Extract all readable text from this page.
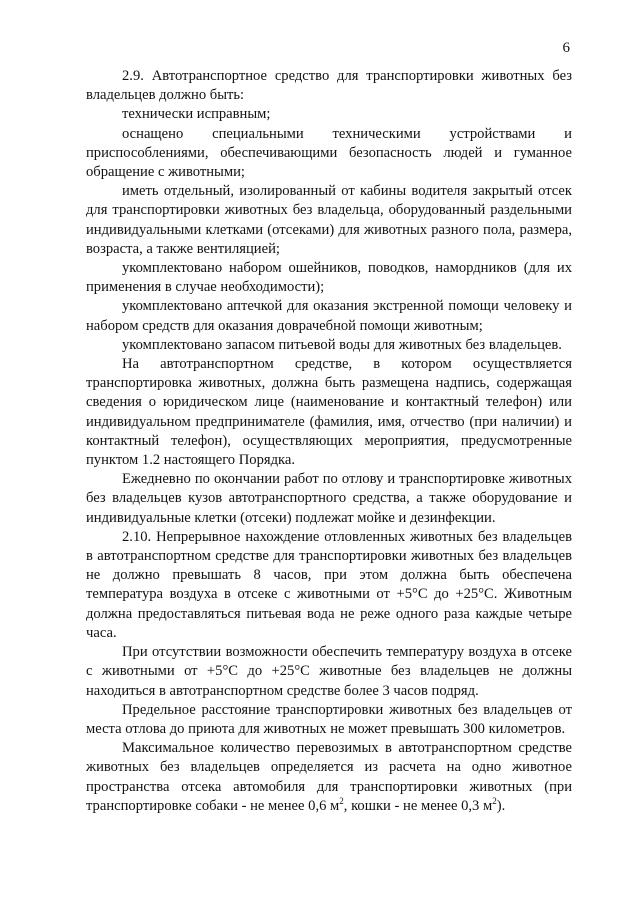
6

2.9. Автотранспортное средство для транспортировки животных без владельцев должно быть:

технически исправным;

оснащено специальными техническими устройствами и приспособлениями, обеспечивающими безопасность людей и гуманное обращение с животными;

иметь отдельный, изолированный от кабины водителя закрытый отсек для транспортировки животных без владельца, оборудованный раздельными индивидуальными клетками (отсеками) для животных разного пола, размера, возраста, а также вентиляцией;

укомплектовано набором ошейников, поводков, намордников (для их применения в случае необходимости);

укомплектовано аптечкой для оказания экстренной помощи человеку и набором средств для оказания доврачебной помощи животным;

укомплектовано запасом питьевой воды для животных без владельцев.

На автотранспортном средстве, в котором осуществляется транспортировка животных, должна быть размещена надпись, содержащая сведения о юридическом лице (наименование и контактный телефон) или индивидуальном предпринимателе (фамилия, имя, отчество (при наличии) и контактный телефон), осуществляющих мероприятия, предусмотренные пунктом 1.2 настоящего Порядка.

Ежедневно по окончании работ по отлову и транспортировке животных без владельцев кузов автотранспортного средства, а также оборудование и индивидуальные клетки (отсеки) подлежат мойке и дезинфекции.

2.10. Непрерывное нахождение отловленных животных без владельцев в автотранспортном средстве для транспортировки животных без владельцев не должно превышать 8 часов, при этом должна быть обеспечена температура воздуха в отсеке с животными от +5°С до +25°С. Животным должна предоставляться питьевая вода не реже одного раза каждые четыре часа.

При отсутствии возможности обеспечить температуру воздуха в отсеке с животными от +5°С до +25°С животные без владельцев не должны находиться в автотранспортном средстве более 3 часов подряд.

Предельное расстояние транспортировки животных без владельцев от места отлова до приюта для животных не может превышать 300 километров.

Максимальное количество перевозимых в автотранспортном средстве животных без владельцев определяется из расчета на одно животное пространства отсека автомобиля для транспортировки животных (при транспортировке собаки - не менее 0,6 $м^2$, кошки - не менее 0,3 $м^2$).
